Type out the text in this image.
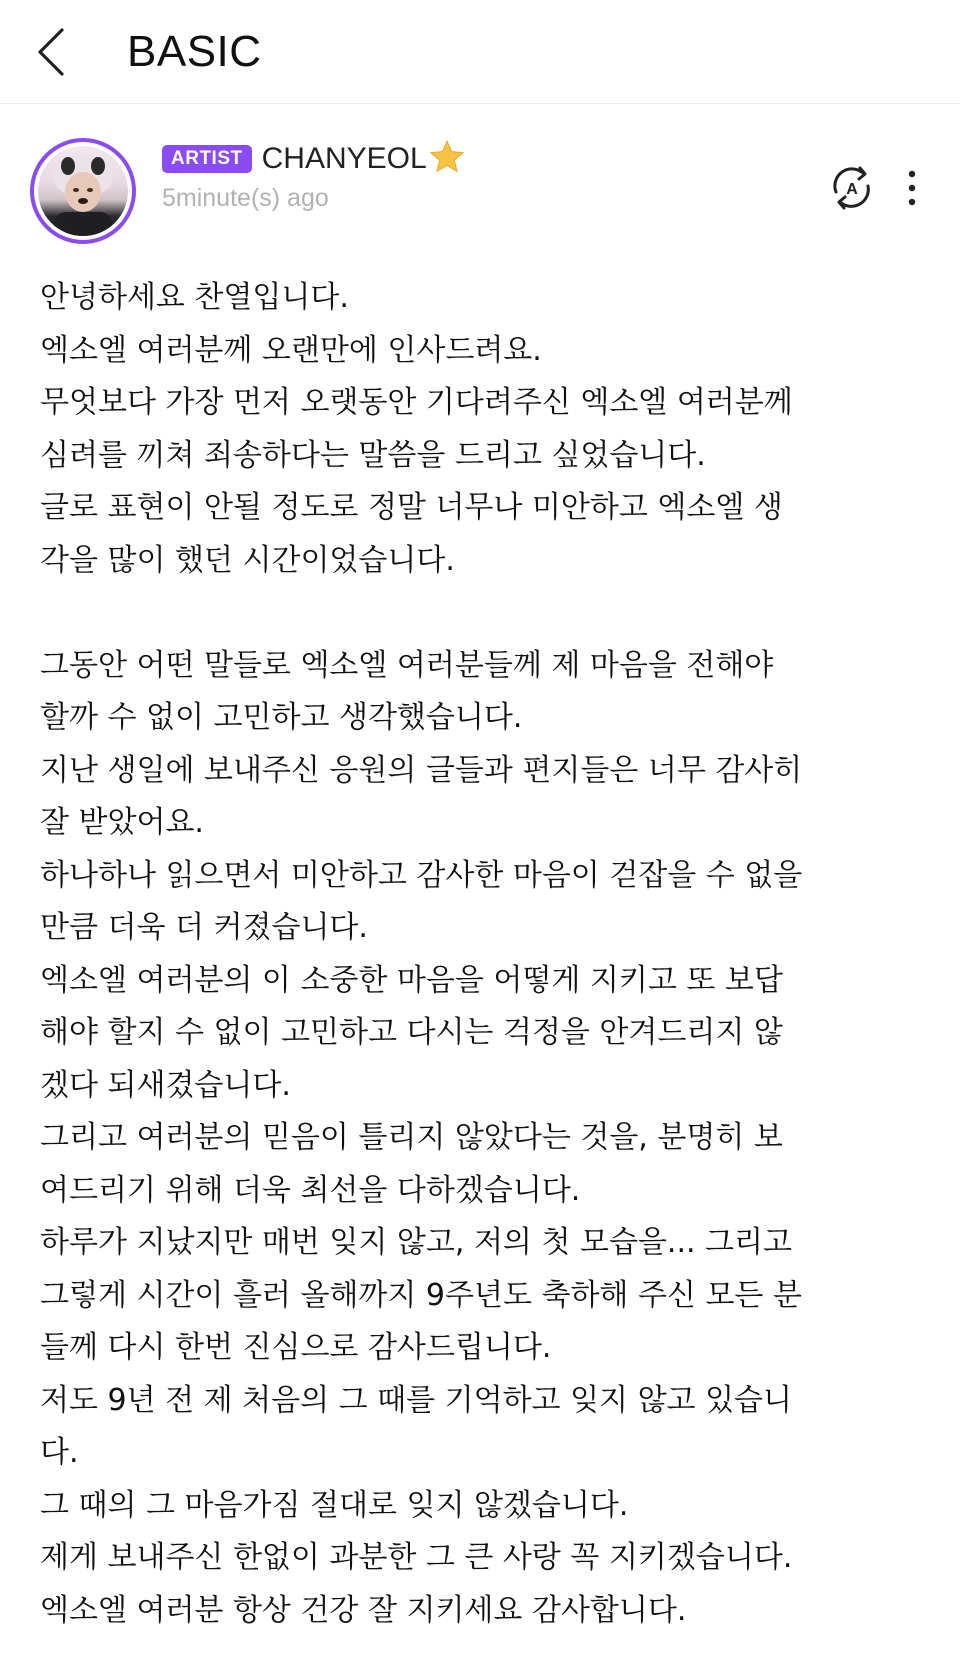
BASIC
ARTIST CHANYEOL
5minute(s) ago	A
안녕하세요 찬열입니다.
엑소엘 여러분께 오랜만에 인사드려요.
무엇보다 가장 먼저 오랫동안 기다려주신 엑소엘 여러분께
심려를 끼쳐 죄송하다는 말씀을 드리고 싶었습니다.
글로 표현이 안될 정도로 정말 너무나 미안하고 엑소엘 생
각을 많이 했던 시간이었습니다.
그동안 어떤 말들로 엑소엘 여러분들께 제 마음을 전해야
할까 수 없이 고민하고 생각했습니다.
지난 생일에 보내주신 응원의 글들과 편지들은 너무 감사히
잘 받았어요.
하나하나 읽으면서 미안하고 감사한 마음이 걷잡을 수 없을
만큼 더욱 더 커졌습니다.
엑소엘 여러분의 이 소중한 마음을 어떻게 지키고 또 보답
해야 할지 수 없이 고민하고 다시는 걱정을 안겨드리지 않
겠다 되새겼습니다.
그리고 여러분의 믿음이 틀리지 않았다는 것을, 분명히 보
여드리기 위해 더욱 최선을 다하겠습니다.
하루가 지났지만 매번 잊지 않고, 저의 첫 모습을... 그리고
그렇게 시간이 흘러 올해까지 9주년도 축하해 주신 모든 분
들께 다시 한번 진심으로 감사드립니다.
저도 9년 전 제 처음의 그 때를 기억하고 잊지 않고 있습니
다.
그 때의 그 마음가짐 절대로 잊지 않겠습니다.
제게 보내주신 한없이 과분한 그 큰 사랑 꼭 지키겠습니다.
엑소엘 여러분 항상 건강 잘 지키세요 감사합니다.
